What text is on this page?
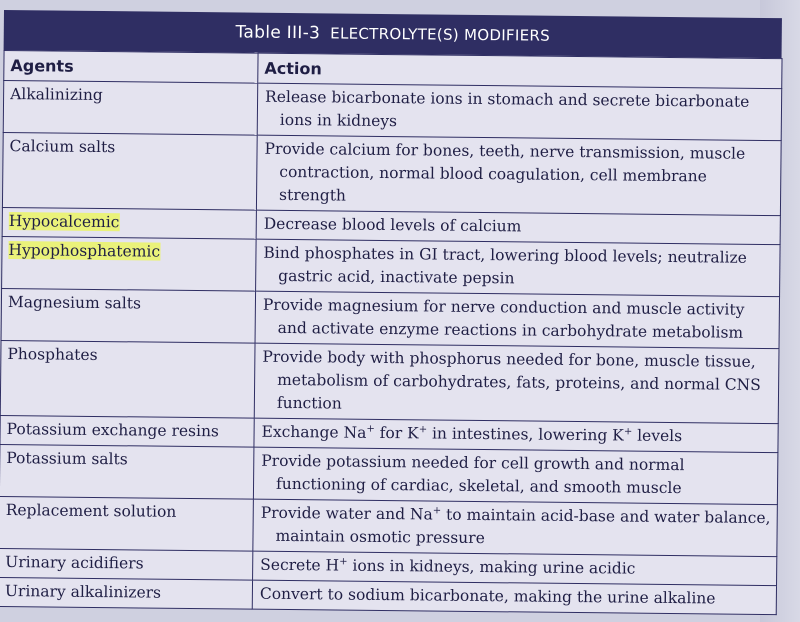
Table III-3 ELECTROLYTE(S) MODIFIERS
Agents	Action
Alkalinizing	Release bicarbonate ions in stomach and secrete bicarbonate ions in kidneys
Calcium salts	Provide calcium for bones, teeth, nerve transmission, muscle contraction, normal blood coagulation, cell membrane strength
Hypocalcemic	Decrease blood levels of calcium
Hypophosphatemic	Bind phosphates in GI tract, lowering blood levels; neutralize gastric acid, inactivate pepsin
Magnesium salts	Provide magnesium for nerve conduction and muscle activity and activate enzyme reactions in carbohydrate metabolism
Phosphates	Provide body with phosphorus needed for bone, muscle tissue, metabolism of carbohydrates, fats, proteins, and normal CNS function
Potassium exchange resins	Exchange Na+ for K+ in intestines, lowering K+ levels
Potassium salts	Provide potassium needed for cell growth and normal functioning of cardiac, skeletal, and smooth muscle
Replacement solution	Provide water and Na+ to maintain acid-base and water balance, maintain osmotic pressure
Urinary acidifiers	Secrete H+ ions in kidneys, making urine acidic
Urinary alkalinizers	Convert to sodium bicarbonate, making the urine alkaline
